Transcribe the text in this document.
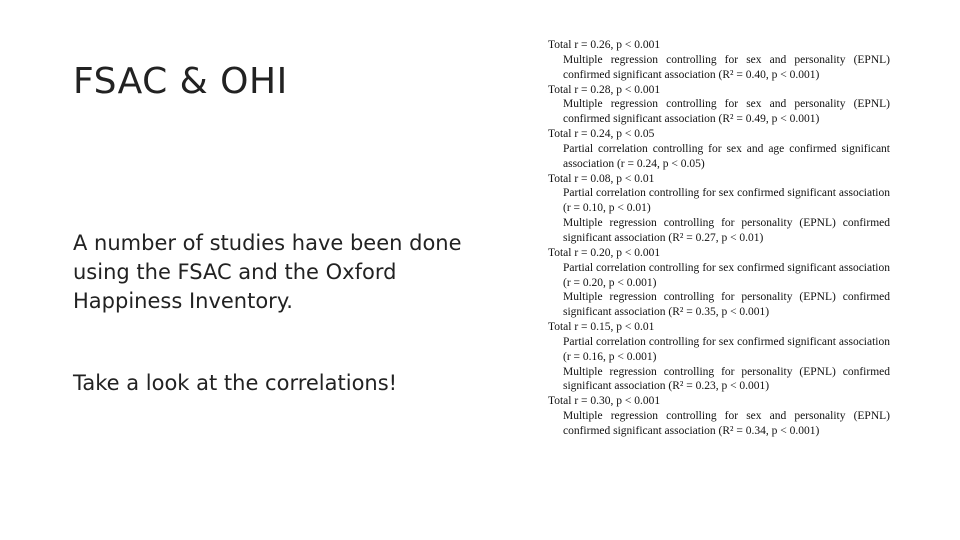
FSAC & OHI

A number of studies have been done using the FSAC and the Oxford Happiness Inventory.

Take a look at the correlations!

Total r = 0.26, p < 0.001
Multiple regression controlling for sex and personality (EPNL) confirmed significant association (R² = 0.40, p < 0.001)
Total r = 0.28, p < 0.001
Multiple regression controlling for sex and personality (EPNL) confirmed significant association (R² = 0.49, p < 0.001)
Total r = 0.24, p < 0.05
Partial correlation controlling for sex and age confirmed significant association (r = 0.24, p < 0.05)
Total r = 0.08, p < 0.01
Partial correlation controlling for sex confirmed significant association (r = 0.10, p < 0.01)
Multiple regression controlling for personality (EPNL) confirmed significant association (R² = 0.27, p < 0.01)
Total r = 0.20, p < 0.001
Partial correlation controlling for sex confirmed significant association (r = 0.20, p < 0.001)
Multiple regression controlling for personality (EPNL) confirmed significant association (R² = 0.35, p < 0.001)
Total r = 0.15, p < 0.01
Partial correlation controlling for sex confirmed significant association (r = 0.16, p < 0.001)
Multiple regression controlling for personality (EPNL) confirmed significant association (R² = 0.23, p < 0.001)
Total r = 0.30, p < 0.001
Multiple regression controlling for sex and personality (EPNL) confirmed significant association (R² = 0.34, p < 0.001)
